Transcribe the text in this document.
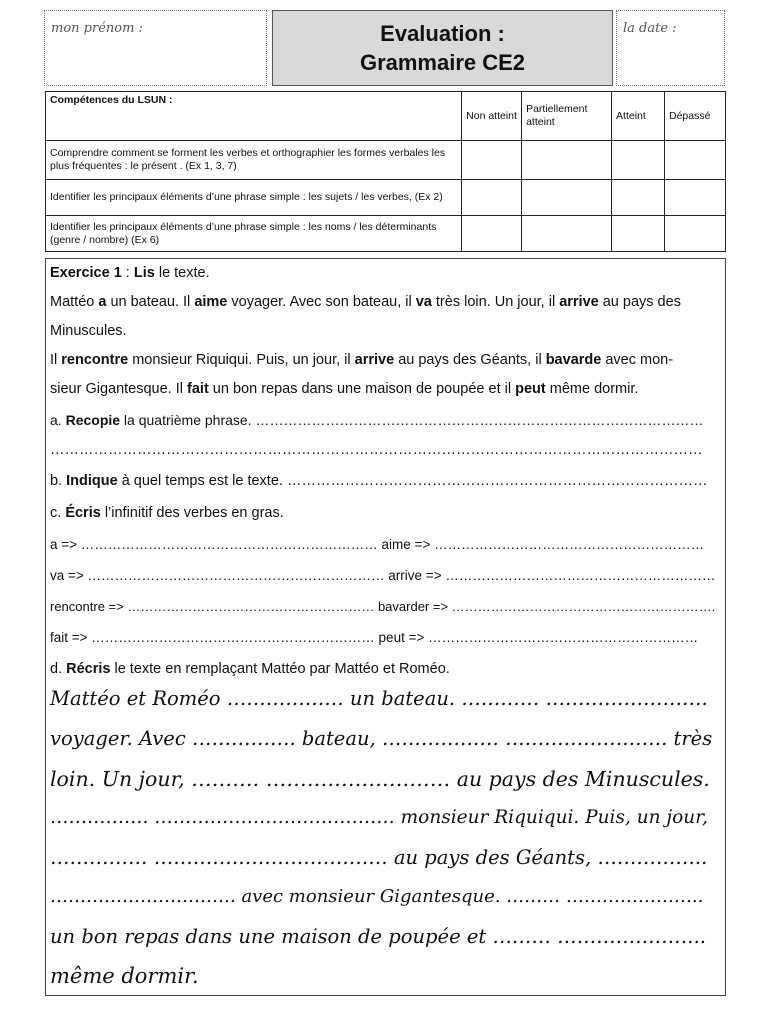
mon prénom :	Evaluation :
Grammaire CE2
la date :
Compétences du LSUN :	Non atteint	Partiellement atteint	Atteint	Dépassé
Comprendre comment se forment les verbes et orthographier les formes verbales les plus fréquentes : le présent . (Ex 1, 3, 7)				
Identifier les principaux éléments d’une phrase simple : les sujets / les verbes, (Ex 2)				
Identifier les principaux éléments d’une phrase simple : les noms / les déterminants (genre / nombre) (Ex 6)				
Exercice 1 : Lis le texte.
Mattéo a un bateau. Il aime voyager. Avec son bateau, il va très loin. Un jour, il arrive au pays des
Minuscules.
Il rencontre monsieur Riquiqui. Puis, un jour, il arrive au pays des Géants, il bavarde avec mon-
sieur Gigantesque. Il fait un bon repas dans une maison de poupée et il peut même dormir.
a. Recopie la quatrième phrase. ……………………………………………………………………………………
………………………………………………………………………………………………………………………
b. Indique à quel temps est le texte. ……………………………………………………………………………
c. Écris l’infinitif des verbes en gras.
a => ………………………………………………………… aime => ……………………………………………………
va => ………………………………………………………… arrive => ……………………………………………………
rencontre => ………………………………………………… bavarder => …………………………………………………….
fait => ……………………………………………………… peut => ……………………………………………………
d. Récris le texte en remplaçant Mattéo par Mattéo et Roméo.
Mattéo et Roméo ……………… un bateau. ………… …………………….
voyager. Avec ……………. bateau, ……………… ……………………. très
loin. Un jour, ………. ……………………… au pays des Minuscules.
……………. ………………………………… monsieur Riquiqui. Puis, un jour,
…………… ……………………………… au pays des Géants, ……………..
…………………………. avec monsieur Gigantesque. ……… …………………..
un bon repas dans une maison de poupée et ……… …………………..
même dormir.
